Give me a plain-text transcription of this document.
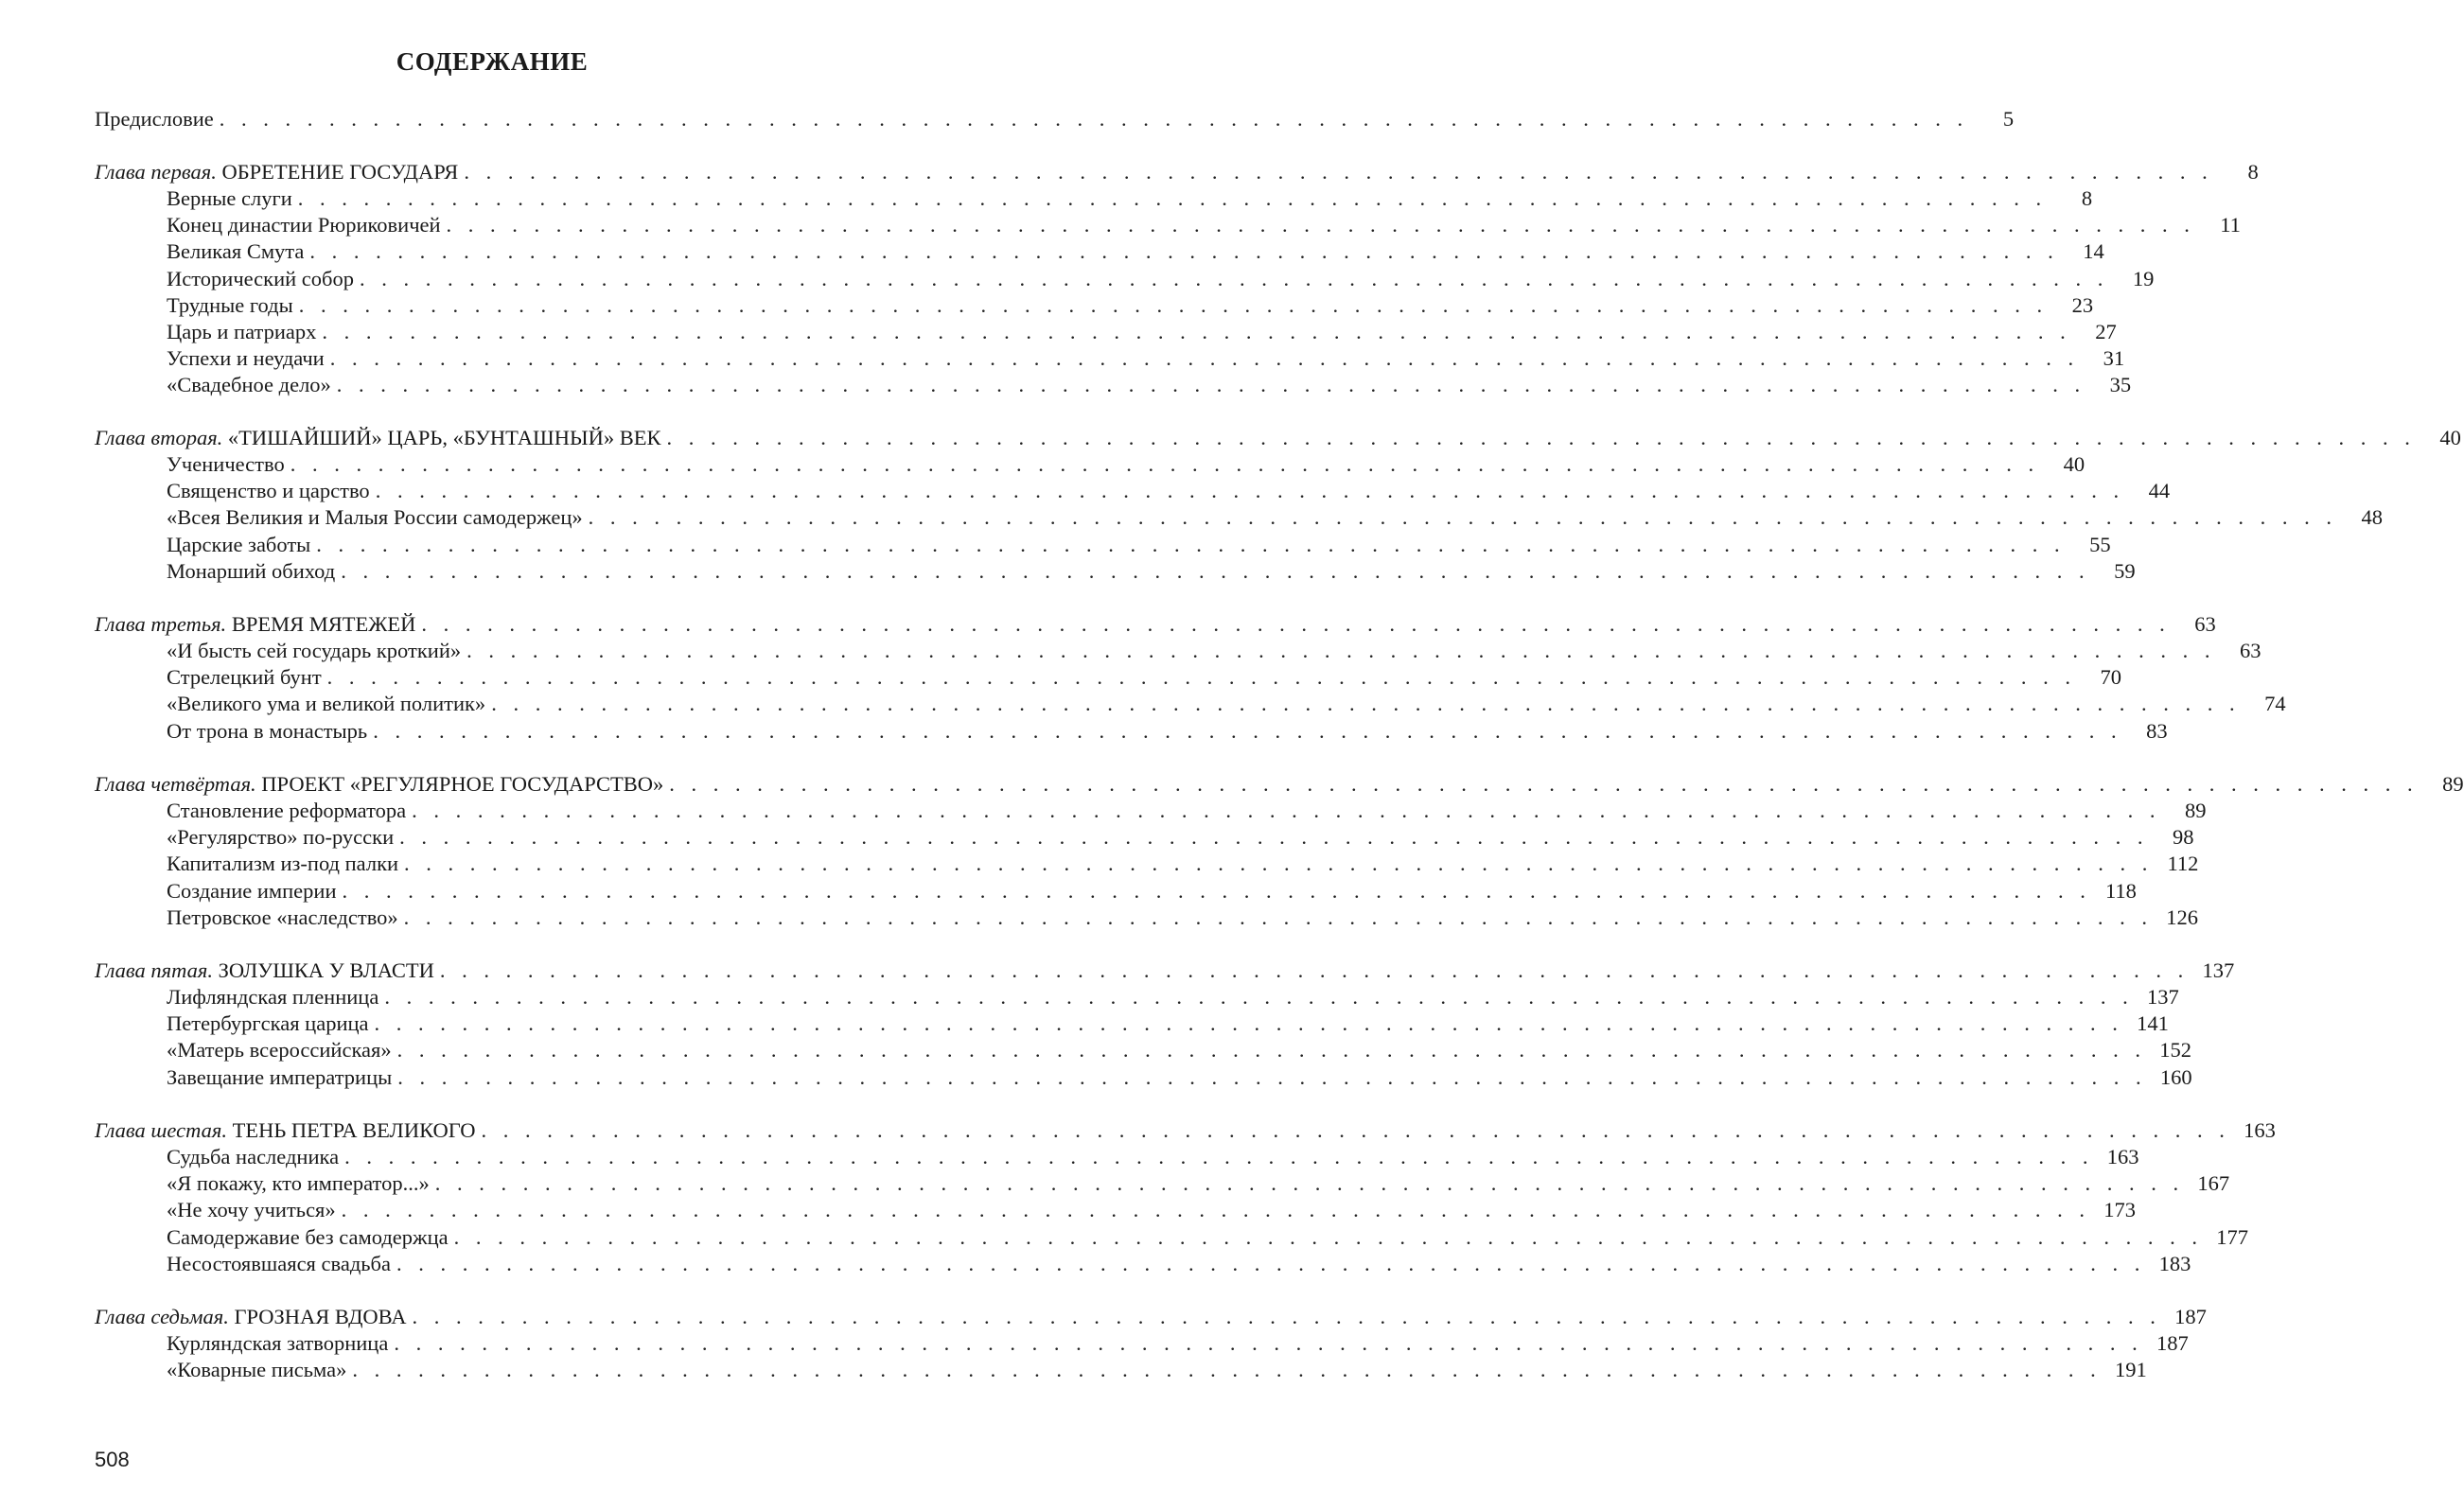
СОДЕРЖАНИЕ
Предисловие . . . . . . . . . . . . . . . . . . . . . . . . . . . . . . . . . . . . . . . . . . . . . . . . . . . . . . . . . . . . . . . . . . . . . . . . . . . . . . . .	5
Глава первая. ОБРЕТЕНИЕ ГОСУДАРЯ . . . . . . . . . . . . . . . . . . . . . . . . . . . . . . . . . . . . . . . . . . . . . . . . . . . . . . . . . . . . . . . . . . . . . . . . . . . . . . . .	8
Верные слуги . . . . . . . . . . . . . . . . . . . . . . . . . . . . . . . . . . . . . . . . . . . . . . . . . . . . . . . . . . . . . . . . . . . . . . . . . . . . . . . .	8
Конец династии Рюриковичей . . . . . . . . . . . . . . . . . . . . . . . . . . . . . . . . . . . . . . . . . . . . . . . . . . . . . . . . . . . . . . . . . . . . . . . . . . . . . . . .	11
Великая Смута . . . . . . . . . . . . . . . . . . . . . . . . . . . . . . . . . . . . . . . . . . . . . . . . . . . . . . . . . . . . . . . . . . . . . . . . . . . . . . . .	14
Исторический собор . . . . . . . . . . . . . . . . . . . . . . . . . . . . . . . . . . . . . . . . . . . . . . . . . . . . . . . . . . . . . . . . . . . . . . . . . . . . . . . .	19
Трудные годы . . . . . . . . . . . . . . . . . . . . . . . . . . . . . . . . . . . . . . . . . . . . . . . . . . . . . . . . . . . . . . . . . . . . . . . . . . . . . . . .	23
Царь и патриарх . . . . . . . . . . . . . . . . . . . . . . . . . . . . . . . . . . . . . . . . . . . . . . . . . . . . . . . . . . . . . . . . . . . . . . . . . . . . . . . .	27
Успехи и неудачи . . . . . . . . . . . . . . . . . . . . . . . . . . . . . . . . . . . . . . . . . . . . . . . . . . . . . . . . . . . . . . . . . . . . . . . . . . . . . . . .	31
«Свадебное дело» . . . . . . . . . . . . . . . . . . . . . . . . . . . . . . . . . . . . . . . . . . . . . . . . . . . . . . . . . . . . . . . . . . . . . . . . . . . . . . . .	35
Глава вторая. «ТИШАЙШИЙ» ЦАРЬ, «БУНТАШНЫЙ» ВЕК . . . . . . . . . . . . . . . . . . . . . . . . . . . . . . . . . . . . . . . . . . . . . . . . . . . . . . . . . . . . . . . . . . . . . . . . . . . . . . . .	40
Ученичество . . . . . . . . . . . . . . . . . . . . . . . . . . . . . . . . . . . . . . . . . . . . . . . . . . . . . . . . . . . . . . . . . . . . . . . . . . . . . . . .	40
Священство и царство . . . . . . . . . . . . . . . . . . . . . . . . . . . . . . . . . . . . . . . . . . . . . . . . . . . . . . . . . . . . . . . . . . . . . . . . . . . . . . . .	44
«Всея Великия и Малыя России самодержец» . . . . . . . . . . . . . . . . . . . . . . . . . . . . . . . . . . . . . . . . . . . . . . . . . . . . . . . . . . . . . . . . . . . . . . . . . . . . . . . .	48
Царские заботы . . . . . . . . . . . . . . . . . . . . . . . . . . . . . . . . . . . . . . . . . . . . . . . . . . . . . . . . . . . . . . . . . . . . . . . . . . . . . . . .	55
Монарший обиход . . . . . . . . . . . . . . . . . . . . . . . . . . . . . . . . . . . . . . . . . . . . . . . . . . . . . . . . . . . . . . . . . . . . . . . . . . . . . . . .	59
Глава третья. ВРЕМЯ МЯТЕЖЕЙ . . . . . . . . . . . . . . . . . . . . . . . . . . . . . . . . . . . . . . . . . . . . . . . . . . . . . . . . . . . . . . . . . . . . . . . . . . . . . . . .	63
«И бысть сей государь кроткий» . . . . . . . . . . . . . . . . . . . . . . . . . . . . . . . . . . . . . . . . . . . . . . . . . . . . . . . . . . . . . . . . . . . . . . . . . . . . . . . .	63
Стрелецкий бунт . . . . . . . . . . . . . . . . . . . . . . . . . . . . . . . . . . . . . . . . . . . . . . . . . . . . . . . . . . . . . . . . . . . . . . . . . . . . . . . .	70
«Великого ума и великой политик» . . . . . . . . . . . . . . . . . . . . . . . . . . . . . . . . . . . . . . . . . . . . . . . . . . . . . . . . . . . . . . . . . . . . . . . . . . . . . . . .	74
От трона в монастырь . . . . . . . . . . . . . . . . . . . . . . . . . . . . . . . . . . . . . . . . . . . . . . . . . . . . . . . . . . . . . . . . . . . . . . . . . . . . . . . .	83
Глава четвёртая. ПРОЕКТ «РЕГУЛЯРНОЕ ГОСУДАРСТВО» . . . . . . . . . . . . . . . . . . . . . . . . . . . . . . . . . . . . . . . . . . . . . . . . . . . . . . . . . . . . . . . . . . . . . . . . . . . . . . . .	89
Становление реформатора . . . . . . . . . . . . . . . . . . . . . . . . . . . . . . . . . . . . . . . . . . . . . . . . . . . . . . . . . . . . . . . . . . . . . . . . . . . . . . . .	89
«Регулярство» по-русски . . . . . . . . . . . . . . . . . . . . . . . . . . . . . . . . . . . . . . . . . . . . . . . . . . . . . . . . . . . . . . . . . . . . . . . . . . . . . . . .	98
Капитализм из-под палки . . . . . . . . . . . . . . . . . . . . . . . . . . . . . . . . . . . . . . . . . . . . . . . . . . . . . . . . . . . . . . . . . . . . . . . . . . . . . . . . 112
Создание империи . . . . . . . . . . . . . . . . . . . . . . . . . . . . . . . . . . . . . . . . . . . . . . . . . . . . . . . . . . . . . . . . . . . . . . . . . . . . . . . . 118
Петровское «наследство» . . . . . . . . . . . . . . . . . . . . . . . . . . . . . . . . . . . . . . . . . . . . . . . . . . . . . . . . . . . . . . . . . . . . . . . . . . . . . . . . 126
Глава пятая. ЗОЛУШКА У ВЛАСТИ . . . . . . . . . . . . . . . . . . . . . . . . . . . . . . . . . . . . . . . . . . . . . . . . . . . . . . . . . . . . . . . . . . . . . . . . . . . . . . . . 137
Лифляндская пленница . . . . . . . . . . . . . . . . . . . . . . . . . . . . . . . . . . . . . . . . . . . . . . . . . . . . . . . . . . . . . . . . . . . . . . . . . . . . . . . . 137
Петербургская царица . . . . . . . . . . . . . . . . . . . . . . . . . . . . . . . . . . . . . . . . . . . . . . . . . . . . . . . . . . . . . . . . . . . . . . . . . . . . . . . . 141
«Матерь всероссийская» . . . . . . . . . . . . . . . . . . . . . . . . . . . . . . . . . . . . . . . . . . . . . . . . . . . . . . . . . . . . . . . . . . . . . . . . . . . . . . . . 152
Завещание императрицы . . . . . . . . . . . . . . . . . . . . . . . . . . . . . . . . . . . . . . . . . . . . . . . . . . . . . . . . . . . . . . . . . . . . . . . . . . . . . . . . 160
Глава шестая. ТЕНЬ ПЕТРА ВЕЛИКОГО . . . . . . . . . . . . . . . . . . . . . . . . . . . . . . . . . . . . . . . . . . . . . . . . . . . . . . . . . . . . . . . . . . . . . . . . . . . . . . . . 163
Судьба наследника . . . . . . . . . . . . . . . . . . . . . . . . . . . . . . . . . . . . . . . . . . . . . . . . . . . . . . . . . . . . . . . . . . . . . . . . . . . . . . . . 163
«Я покажу, кто император...» . . . . . . . . . . . . . . . . . . . . . . . . . . . . . . . . . . . . . . . . . . . . . . . . . . . . . . . . . . . . . . . . . . . . . . . . . . . . . . . . 167
«Не хочу учиться» . . . . . . . . . . . . . . . . . . . . . . . . . . . . . . . . . . . . . . . . . . . . . . . . . . . . . . . . . . . . . . . . . . . . . . . . . . . . . . . . 173
Самодержавие без самодержца . . . . . . . . . . . . . . . . . . . . . . . . . . . . . . . . . . . . . . . . . . . . . . . . . . . . . . . . . . . . . . . . . . . . . . . . . . . . . . . . 177
Несостоявшаяся свадьба . . . . . . . . . . . . . . . . . . . . . . . . . . . . . . . . . . . . . . . . . . . . . . . . . . . . . . . . . . . . . . . . . . . . . . . . . . . . . . . . 183
Глава седьмая. ГРОЗНАЯ ВДОВА . . . . . . . . . . . . . . . . . . . . . . . . . . . . . . . . . . . . . . . . . . . . . . . . . . . . . . . . . . . . . . . . . . . . . . . . . . . . . . . . 187
Курляндская затворница . . . . . . . . . . . . . . . . . . . . . . . . . . . . . . . . . . . . . . . . . . . . . . . . . . . . . . . . . . . . . . . . . . . . . . . . . . . . . . . . 187
«Коварные письма» . . . . . . . . . . . . . . . . . . . . . . . . . . . . . . . . . . . . . . . . . . . . . . . . . . . . . . . . . . . . . . . . . . . . . . . . . . . . . . . . 191
508
